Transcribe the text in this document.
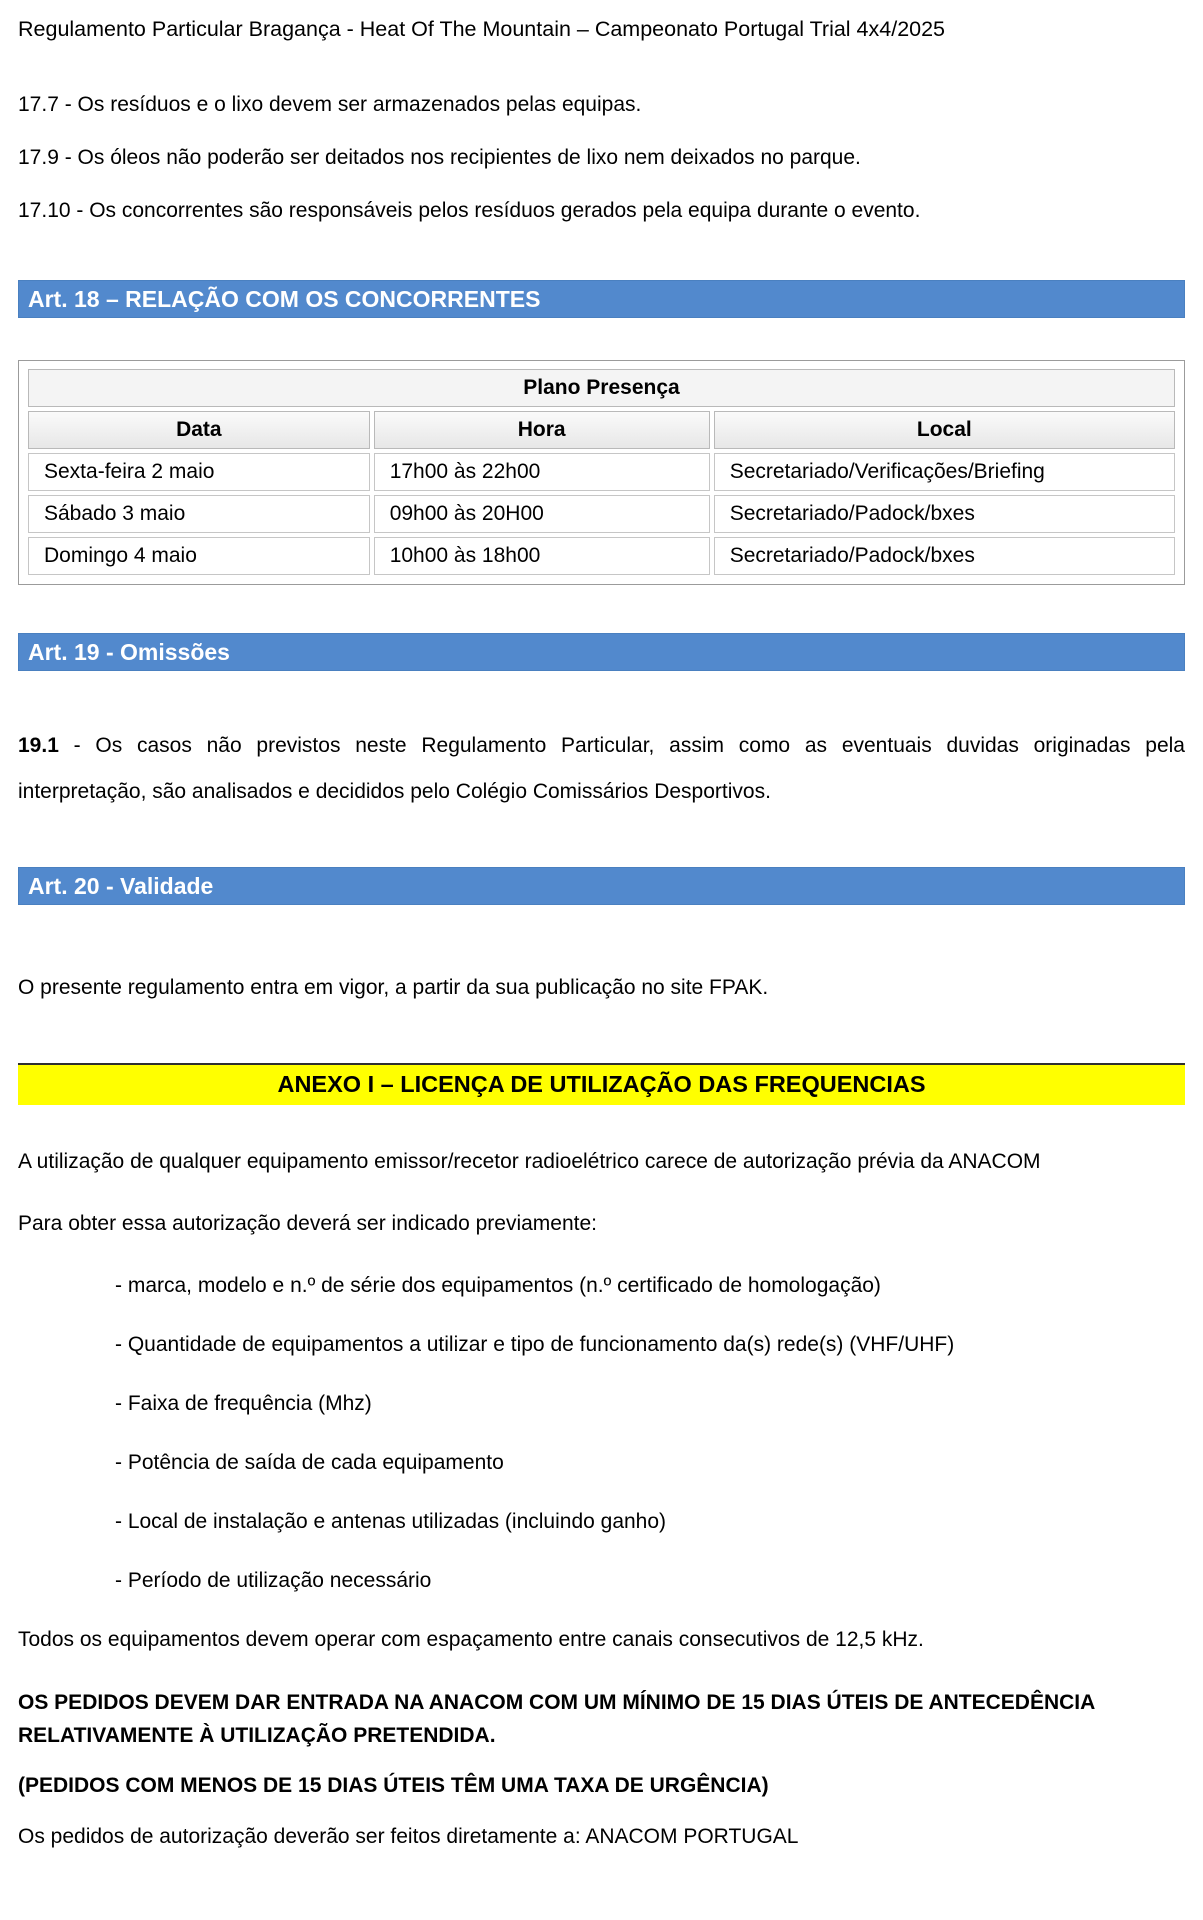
Regulamento Particular Bragança - Heat Of The Mountain – Campeonato Portugal Trial 4x4/2025

17.7 - Os resíduos e o lixo devem ser armazenados pelas equipas.

17.9 - Os óleos não poderão ser deitados nos recipientes de lixo nem deixados no parque.

17.10 - Os concorrentes são responsáveis pelos resíduos gerados pela equipa durante o evento.

Art. 18 – RELAÇÃO COM OS CONCORRENTES
Plano Presença		
Data	Hora	Local
Sexta-feira 2 maio	17h00 às 22h00	Secretariado/Verificações/Briefing
Sábado 3 maio	09h00 às 20H00	Secretariado/Padock/bxes
Domingo 4 maio	10h00 às 18h00	Secretariado/Padock/bxes
Art. 19 - Omissões

19.1 - Os casos não previstos neste Regulamento Particular, assim como as eventuais duvidas originadas pela interpretação, são analisados e decididos pelo Colégio Comissários Desportivos.

Art. 20 - Validade

O presente regulamento entra em vigor, a partir da sua publicação no site FPAK.

ANEXO I – LICENÇA DE UTILIZAÇÃO DAS FREQUENCIAS

A utilização de qualquer equipamento emissor/recetor radioelétrico carece de autorização prévia da ANACOM

Para obter essa autorização deverá ser indicado previamente:

- marca, modelo e n.º de série dos equipamentos (n.º certificado de homologação)
- Quantidade de equipamentos a utilizar e tipo de funcionamento da(s) rede(s) (VHF/UHF)
- Faixa de frequência (Mhz)
- Potência de saída de cada equipamento
- Local de instalação e antenas utilizadas (incluindo ganho)
- Período de utilização necessário

Todos os equipamentos devem operar com espaçamento entre canais consecutivos de 12,5 kHz.

OS PEDIDOS DEVEM DAR ENTRADA NA ANACOM COM UM MÍNIMO DE 15 DIAS ÚTEIS DE ANTECEDÊNCIA RELATIVAMENTE À UTILIZAÇÃO PRETENDIDA.

(PEDIDOS COM MENOS DE 15 DIAS ÚTEIS TÊM UMA TAXA DE URGÊNCIA)

Os pedidos de autorização deverão ser feitos diretamente a: ANACOM PORTUGAL
